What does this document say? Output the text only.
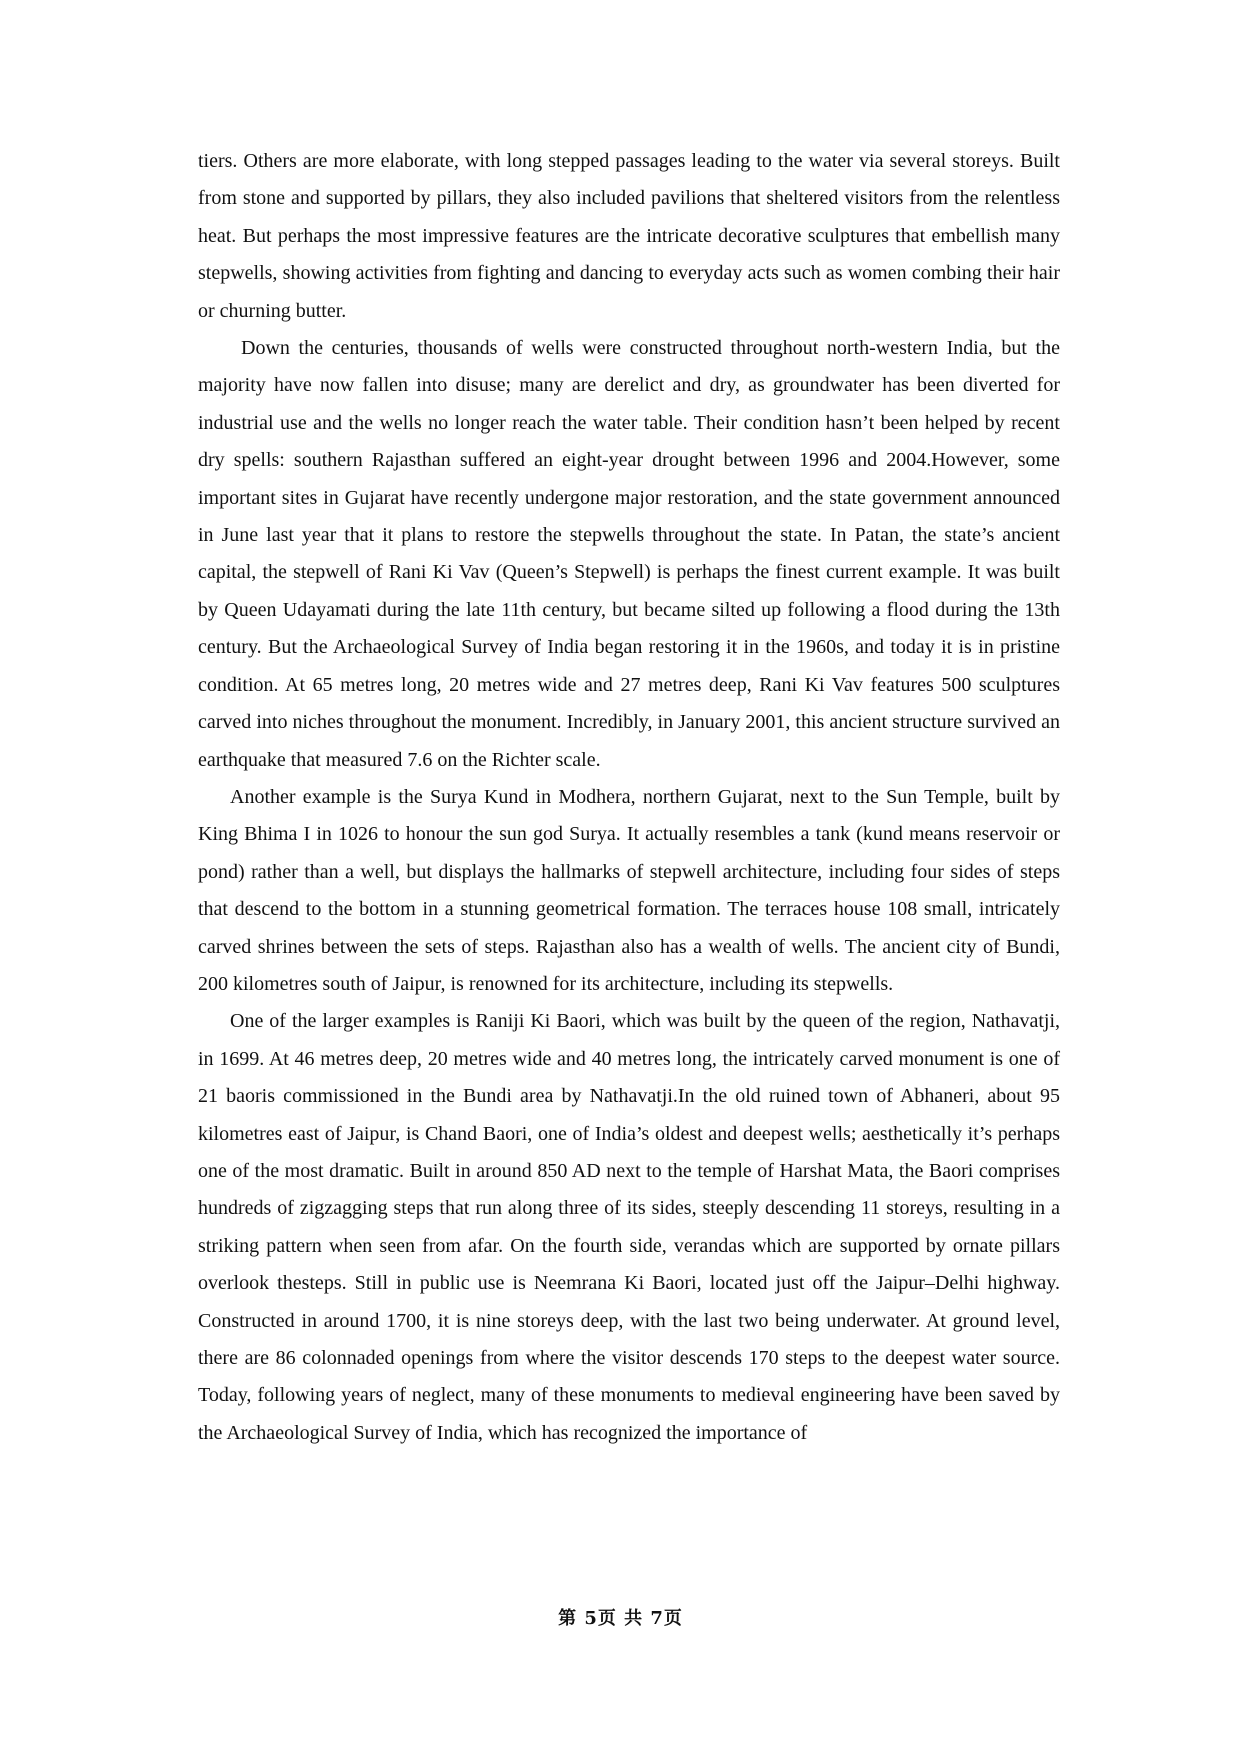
tiers. Others are more elaborate, with long stepped passages leading to the water via several storeys. Built from stone and supported by pillars, they also included pavilions that sheltered visitors from the relentless heat. But perhaps the most impressive features are the intricate decorative sculptures that embellish many stepwells, showing activities from fighting and dancing to everyday acts such as women combing their hair or churning butter.

Down the centuries, thousands of wells were constructed throughout north-western India, but the majority have now fallen into disuse; many are derelict and dry, as groundwater has been diverted for industrial use and the wells no longer reach the water table. Their condition hasn’t been helped by recent dry spells: southern Rajasthan suffered an eight-year drought between 1996 and 2004.However, some important sites in Gujarat have recently undergone major restoration, and the state government announced in June last year that it plans to restore the stepwells throughout the state. In Patan, the state’s ancient capital, the stepwell of Rani Ki Vav (Queen’s Stepwell) is perhaps the finest current example. It was built by Queen Udayamati during the late 11th century, but became silted up following a flood during the 13th century. But the Archaeological Survey of India began restoring it in the 1960s, and today it is in pristine condition. At 65 metres long, 20 metres wide and 27 metres deep, Rani Ki Vav features 500 sculptures carved into niches throughout the monument. Incredibly, in January 2001, this ancient structure survived an earthquake that measured 7.6 on the Richter scale.

Another example is the Surya Kund in Modhera, northern Gujarat, next to the Sun Temple, built by King Bhima I in 1026 to honour the sun god Surya. It actually resembles a tank (kund means reservoir or pond) rather than a well, but displays the hallmarks of stepwell architecture, including four sides of steps that descend to the bottom in a stunning geometrical formation. The terraces house 108 small, intricately carved shrines between the sets of steps. Rajasthan also has a wealth of wells. The ancient city of Bundi, 200 kilometres south of Jaipur, is renowned for its architecture, including its stepwells.

One of the larger examples is Raniji Ki Baori, which was built by the queen of the region, Nathavatji, in 1699. At 46 metres deep, 20 metres wide and 40 metres long, the intricately carved monument is one of 21 baoris commissioned in the Bundi area by Nathavatji.In the old ruined town of Abhaneri, about 95 kilometres east of Jaipur, is Chand Baori, one of India’s oldest and deepest wells; aesthetically it’s perhaps one of the most dramatic. Built in around 850 AD next to the temple of Harshat Mata, the Baori comprises hundreds of zigzagging steps that run along three of its sides, steeply descending 11 storeys, resulting in a striking pattern when seen from afar. On the fourth side, verandas which are supported by ornate pillars overlook thesteps. Still in public use is Neemrana Ki Baori, located just off the Jaipur–Delhi highway. Constructed in around 1700, it is nine storeys deep, with the last two being underwater. At ground level, there are 86 colonnaded openings from where the visitor descends 170 steps to the deepest water source. Today, following years of neglect, many of these monuments to medieval engineering have been saved by the Archaeological Survey of India, which has recognized the importance of

第 5页 共 7页
